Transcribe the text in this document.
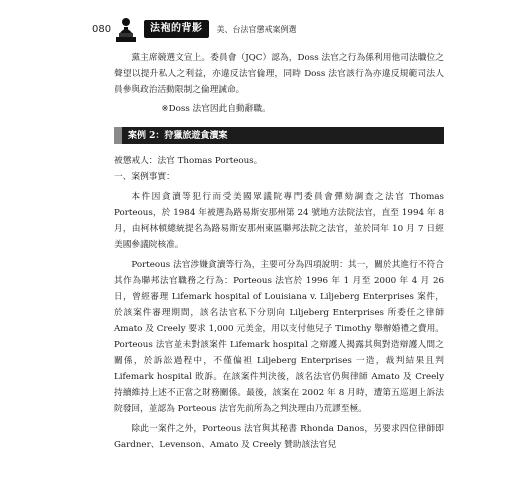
080	法袍的背影	美、台法官懲戒案例選

黨主席競選文宣上。委員會（JQC）認為，Doss 法官之行為係利用他司法職位之聲望以提升私人之利益，亦違反法官倫理，同時 Doss 法官該行為亦違反規範司法人員參與政治活動限制之倫理誡命。

※Doss 法官因此自動辭職。

案例 2：狩獵旅遊貪瀆案

被懲戒人：法官 Thomas Porteous。

一、案例事實：

本件因貪瀆等犯行而受美國眾議院專門委員會彈劾調查之法官 Thomas Porteous，於 1984 年被選為路易斯安那州第 24 號地方法院法官，直至 1994 年 8 月，由柯林頓總統提名為路易斯安那州東區聯邦法院之法官，並於同年 10 月 7 日經美國參議院核准。

Porteous 法官涉嫌貪瀆等行為，主要可分為四項說明：其一，關於其進行不符合其作為聯邦法官職務之行為：Porteous 法官於 1996 年 1 月至 2000 年 4 月 26 日，曾經審理 Lifemark hospital of Louisiana v. Liljeberg Enterprises 案件，於該案件審理期間，該名法官私下分別向 Liljeberg Enterprises 所委任之律師 Amato 及 Creely 要求 1,000 元美金，用以支付他兒子 Timothy 舉辦婚禮之費用。Porteous 法官並未對該案件 Lifemark hospital 之辯護人揭露其與對造辯護人間之關係，於訴訟過程中，不僅偏袒 Liljeberg Enterprises 一造，裁判結果且判 Lifemark hospital 敗訴。在該案件判決後，該名法官仍與律師 Amato 及 Creely 持續維持上述不正當之財務關係。最後，該案在 2002 年 8 月時，遭第五巡迴上訴法院發回，並認為 Porteous 法官先前所為之判決理由乃荒謬至極。

除此一案件之外，Porteous 法官與其秘書 Rhonda Danos，另要求四位律師即 Gardner、Levenson、Amato 及 Creely 贊助該法官兒
